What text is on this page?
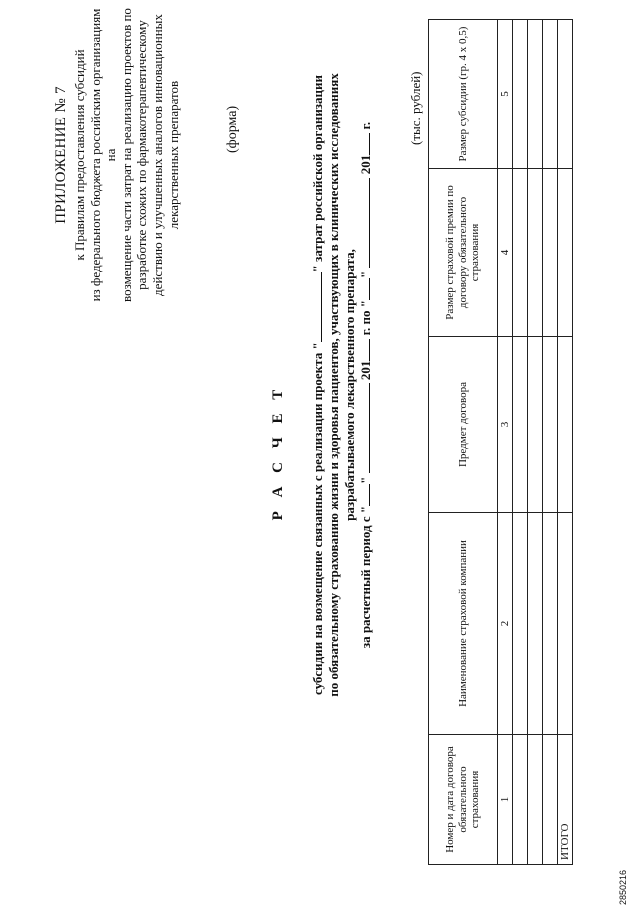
ПРИЛОЖЕНИЕ № 7 к Правилам предоставления субсидий из федерального бюджета российским организациям на возмещение части затрат на реализацию проектов по разработке схожих по фармакотерапевтическому действию и улучшенных аналогов инновационных лекарственных препаратов	(форма)
Р А С Ч Е Т субсидии на возмещение связанных с реализации проекта "" затрат российской организации по обязательному страхованию жизни и здоровья пациентов, участвующих в клинических исследованиях разрабатываемого лекарственного препарата,
за расчетный период с ""  201 г. по ""  201 г.	(тыс. рублей)
Номер и дата договора обязательного страхования	Наименование страховой компании	Предмет договора	Размер страховой премии по договору обязательного страхования	Размер субсидии (гр. 4 х 0,5)
1	2	3	4	5

ИТОГО				
2850216
